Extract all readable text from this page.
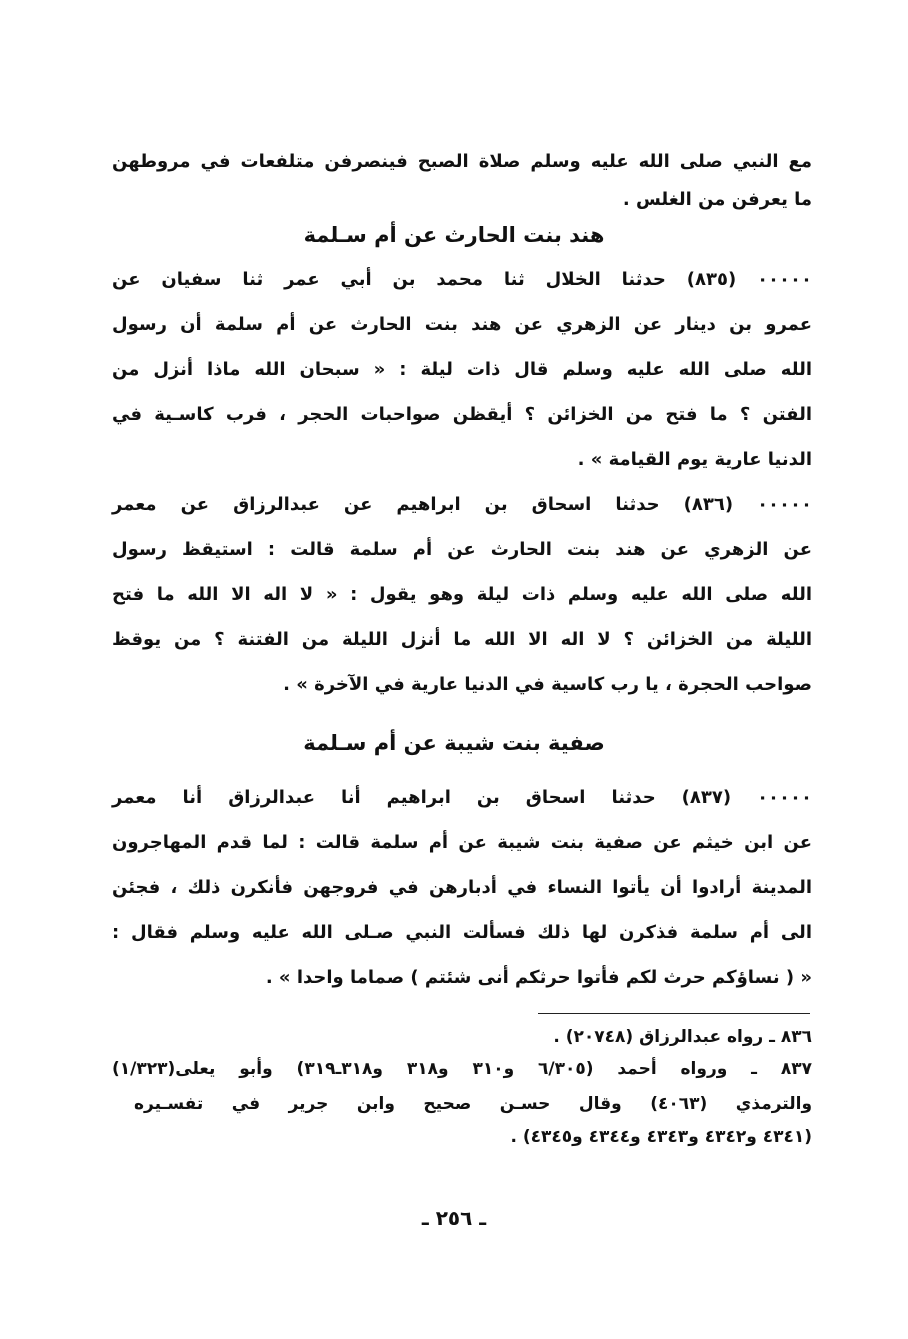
مع النبي صلى الله عليه وسلم صلاة الصبح فينصرفن متلفعات في مروطهن
ما يعرفن من الغلس .
هند بنت الحارث عن أم سـلمة
٠٠٠٠٠ (٨٣٥) حدثنا الخلال ثنا محمد بن أبي عمر ثنا سفيان عن
عمرو بن دينار عن الزهري عن هند بنت الحارث عن أم سلمة أن رسول
الله صلى الله عليه وسلم قال ذات ليلة : « سبحان الله ماذا أنزل من
الفتن ؟ ما فتح من الخزائن ؟ أيقظن صواحبات الحجر ، فرب كاسـية في
الدنيا عارية يوم القيامة » .
٠٠٠٠٠ (٨٣٦) حدثنا اسحاق بن ابراهيم عن عبدالرزاق عن معمر
عن الزهري عن هند بنت الحارث عن أم سلمة قالت : استيقظ رسول
الله صلى الله عليه وسلم ذات ليلة وهو يقول : « لا اله الا الله ما فتح
الليلة من الخزائن ؟ لا اله الا الله ما أنزل الليلة من الفتنة ؟ من يوقظ
صواحب الحجرة ، يا رب كاسية في الدنيا عارية في الآخرة » .
صفية بنت شيبة عن أم سـلمة
٠٠٠٠٠ (٨٣٧) حدثنا اسحاق بن ابراهيم أنا عبدالرزاق أنا معمر
عن ابن خيثم عن صفية بنت شيبة عن أم سلمة قالت : لما قدم المهاجرون
المدينة أرادوا أن يأتوا النساء في أدبارهن في فروجهن فأنكرن ذلك ، فجئن
الى أم سلمة فذكرن لها ذلك فسألت النبي صـلى الله عليه وسلم فقال :
« ( نساؤكم حرث لكم فأتوا حرثكم أنى شئتم ) صماما واحدا » .
٨٣٦ ـ رواه عبدالرزاق (٢٠٧٤٨) .
٨٣٧ ـ ورواه أحمد (٦/٣٠٥ و٣١٠ و٣١٨ و٣١٨ـ٣١٩) وأبو يعلى(١/٣٢٣)
والترمذي (٤٠٦٣) وقال حسـن صحيح وابن جرير في تفسـيره
(٤٣٤١ و٤٣٤٢ و٤٣٤٣ و٤٣٤٤ و٤٣٤٥) .
ـ ٢٥٦ ـ
